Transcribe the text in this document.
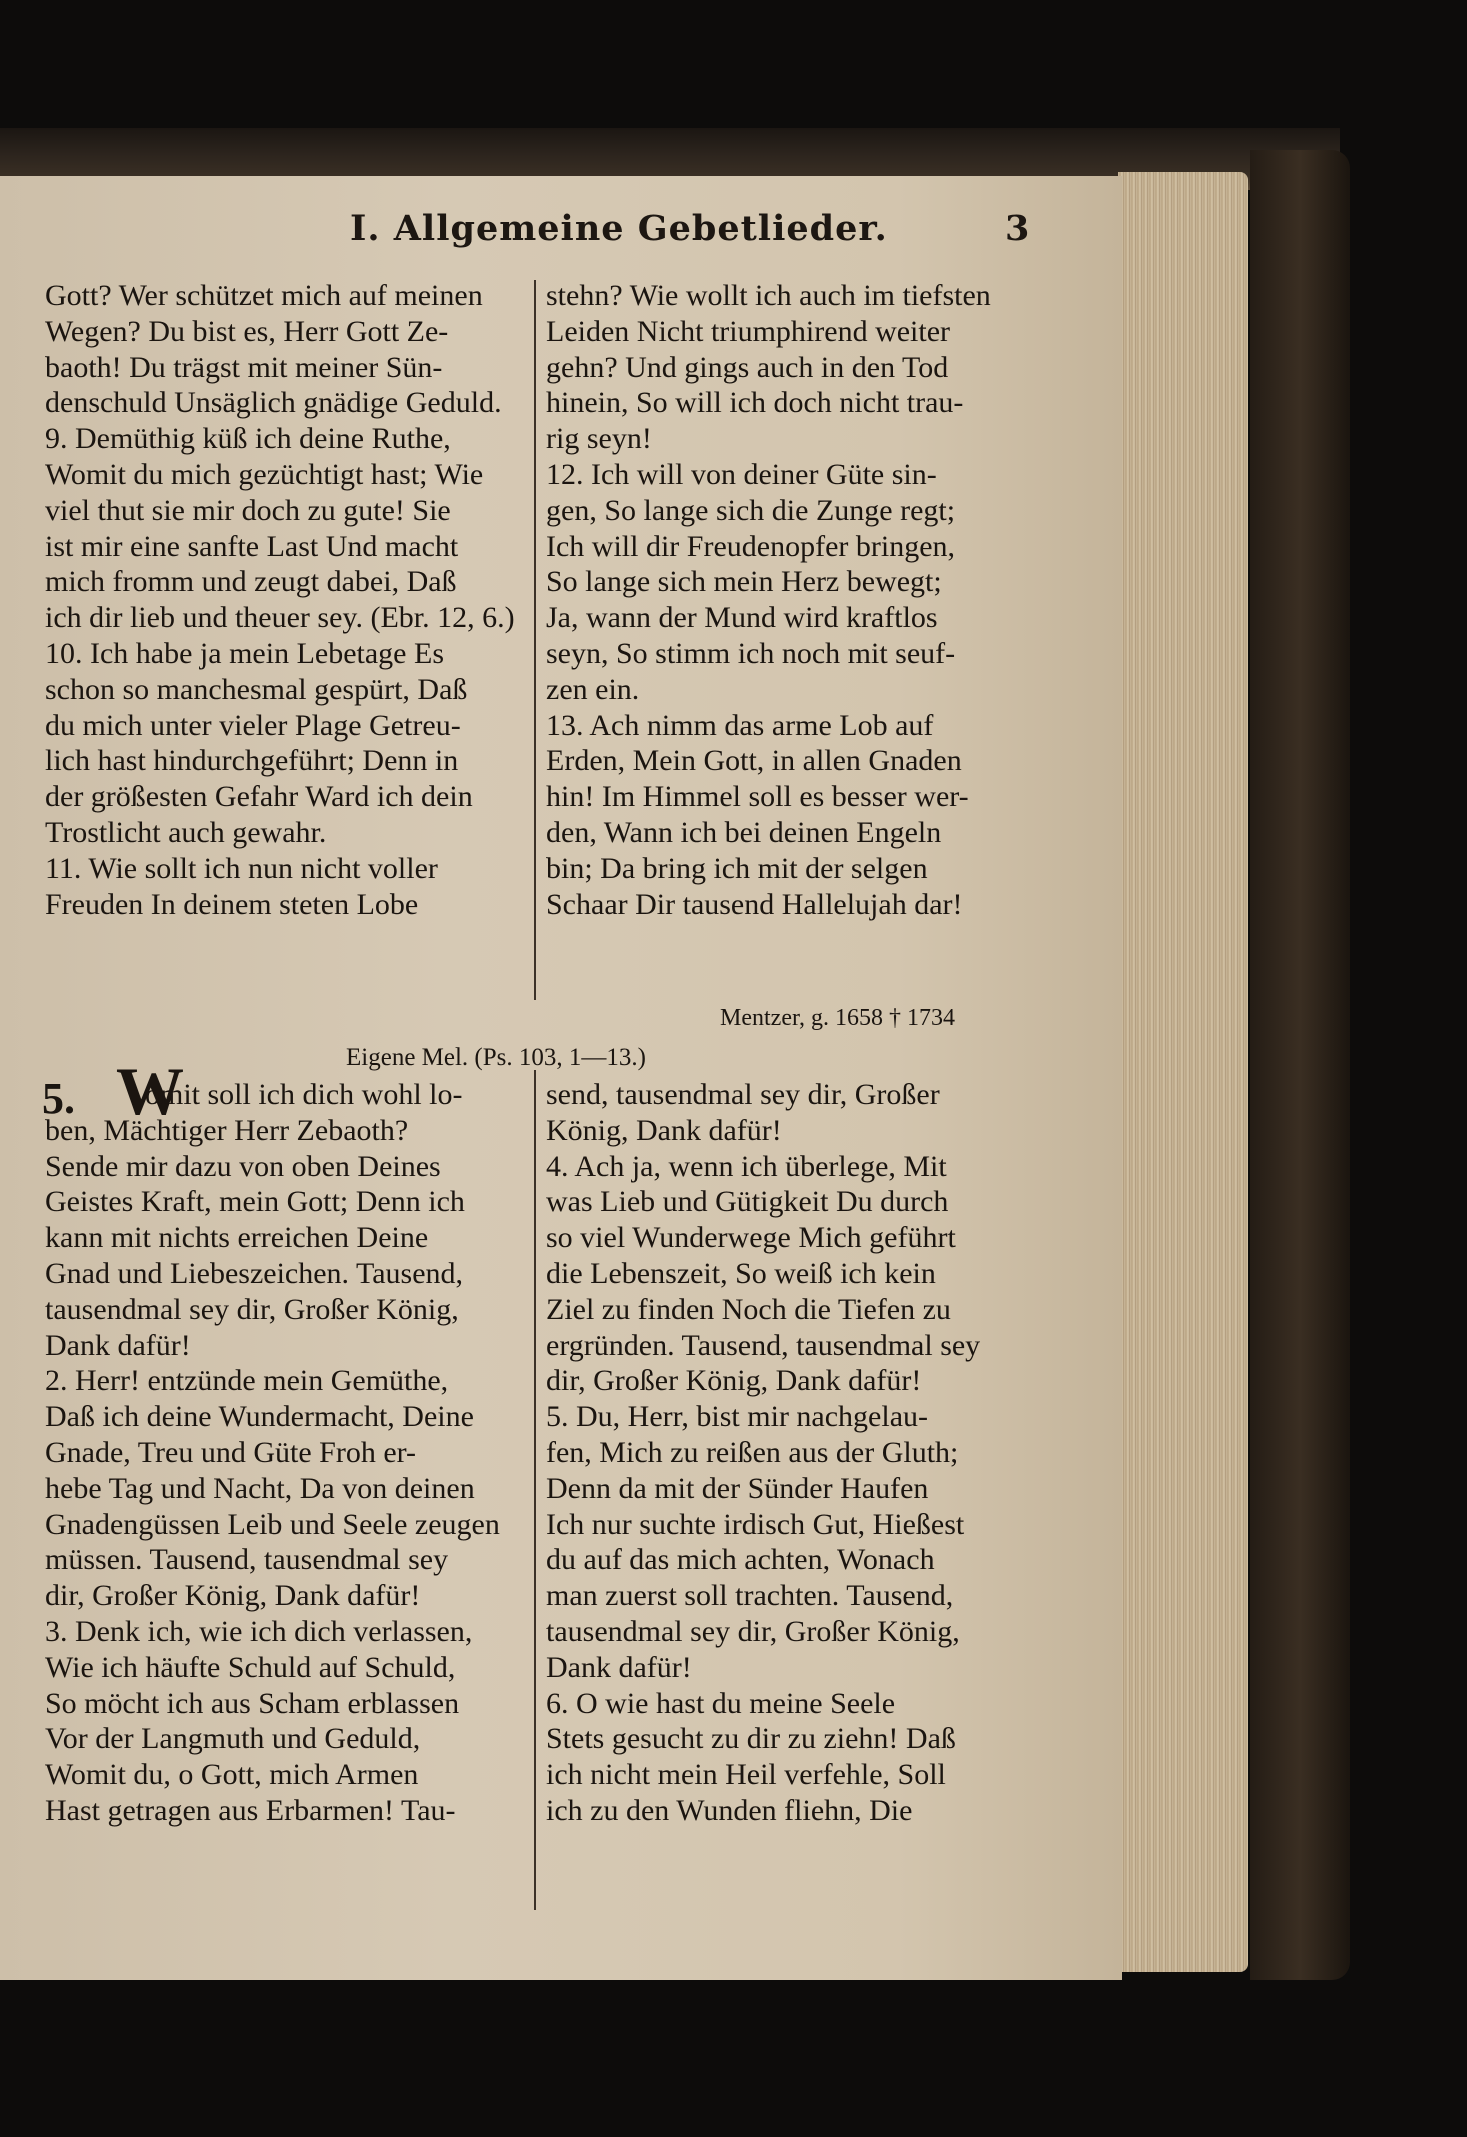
I. Allgemeine Gebetlieder.	3
Gott? Wer schützet mich auf meinen
Wegen? Du bist es, Herr Gott Ze-
baoth! Du trägst mit meiner Sün-
denschuld Unsäglich gnädige Geduld.
9. Demüthig küß ich deine Ruthe,
Womit du mich gezüchtigt hast; Wie
viel thut sie mir doch zu gute! Sie
ist mir eine sanfte Last Und macht
mich fromm und zeugt dabei, Daß
ich dir lieb und theuer sey. (Ebr. 12, 6.)
10. Ich habe ja mein Lebetage Es
schon so manchesmal gespürt, Daß
du mich unter vieler Plage Getreu-
lich hast hindurchgeführt; Denn in
der größesten Gefahr Ward ich dein
Trostlicht auch gewahr.
11. Wie sollt ich nun nicht voller
Freuden In deinem steten Lobe
stehn? Wie wollt ich auch im tiefsten
Leiden Nicht triumphirend weiter
gehn? Und gings auch in den Tod
hinein, So will ich doch nicht trau-
rig seyn!
12. Ich will von deiner Güte sin-
gen, So lange sich die Zunge regt;
Ich will dir Freudenopfer bringen,
So lange sich mein Herz bewegt;
Ja, wann der Mund wird kraftlos
seyn, So stimm ich noch mit seuf-
zen ein.
13. Ach nimm das arme Lob auf
Erden, Mein Gott, in allen Gnaden
hin! Im Himmel soll es besser wer-
den, Wann ich bei deinen Engeln
bin; Da bring ich mit der selgen
Schaar Dir tausend Hallelujah dar!
Mentzer, g. 1658 † 1734
Eigene Mel. (Ps. 103, 1—13.)
5. W
omit soll ich dich wohl lo-
ben, Mächtiger Herr Zebaoth?
Sende mir dazu von oben Deines
Geistes Kraft, mein Gott; Denn ich
kann mit nichts erreichen Deine
Gnad und Liebeszeichen. Tausend,
tausendmal sey dir, Großer König,
Dank dafür!
2. Herr! entzünde mein Gemüthe,
Daß ich deine Wundermacht, Deine
Gnade, Treu und Güte Froh er-
hebe Tag und Nacht, Da von deinen
Gnadengüssen Leib und Seele zeugen
müssen. Tausend, tausendmal sey
dir, Großer König, Dank dafür!
3. Denk ich, wie ich dich verlassen,
Wie ich häufte Schuld auf Schuld,
So möcht ich aus Scham erblassen
Vor der Langmuth und Geduld,
Womit du, o Gott, mich Armen
Hast getragen aus Erbarmen! Tau-
send, tausendmal sey dir, Großer
König, Dank dafür!
4. Ach ja, wenn ich überlege, Mit
was Lieb und Gütigkeit Du durch
so viel Wunderwege Mich geführt
die Lebenszeit, So weiß ich kein
Ziel zu finden Noch die Tiefen zu
ergründen. Tausend, tausendmal sey
dir, Großer König, Dank dafür!
5. Du, Herr, bist mir nachgelau-
fen, Mich zu reißen aus der Gluth;
Denn da mit der Sünder Haufen
Ich nur suchte irdisch Gut, Hießest
du auf das mich achten, Wonach
man zuerst soll trachten. Tausend,
tausendmal sey dir, Großer König,
Dank dafür!
6. O wie hast du meine Seele
Stets gesucht zu dir zu ziehn! Daß
ich nicht mein Heil verfehle, Soll
ich zu den Wunden fliehn, Die
